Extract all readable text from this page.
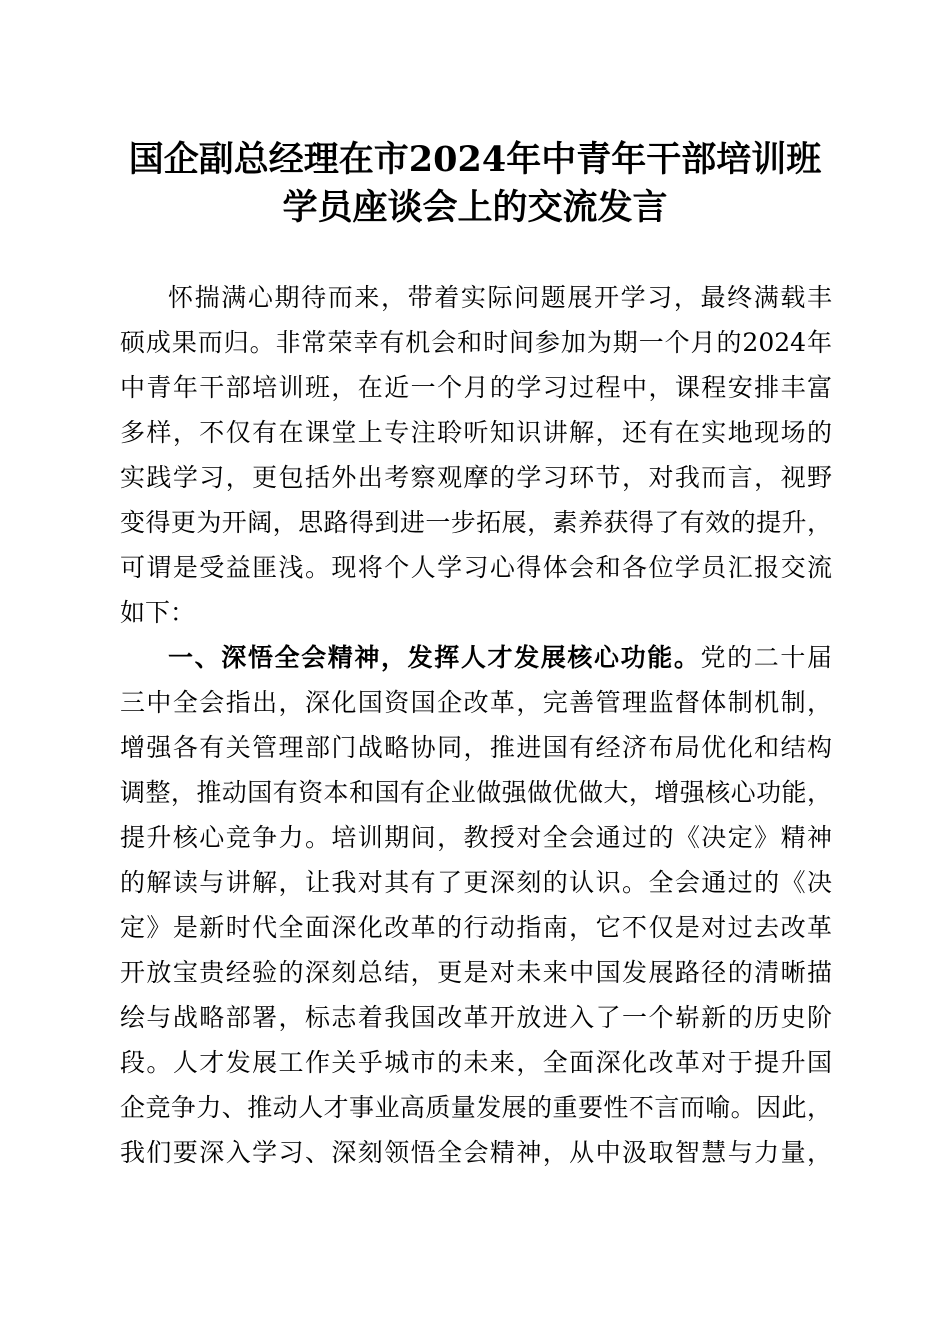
国企副总经理在市2024年中青年干部培训班
学员座谈会上的交流发言
怀揣满心期待而来，带着实际问题展开学习，最终满载丰
硕成果而归。非常荣幸有机会和时间参加为期一个月的2024年
中青年干部培训班，在近一个月的学习过程中，课程安排丰富
多样，不仅有在课堂上专注聆听知识讲解，还有在实地现场的
实践学习，更包括外出考察观摩的学习环节，对我而言，视野
变得更为开阔，思路得到进一步拓展，素养获得了有效的提升，
可谓是受益匪浅。现将个人学习心得体会和各位学员汇报交流
如下：
一、深悟全会精神，发挥人才发展核心功能。党的二十届
三中全会指出，深化国资国企改革，完善管理监督体制机制，
增强各有关管理部门战略协同，推进国有经济布局优化和结构
调整，推动国有资本和国有企业做强做优做大，增强核心功能，
提升核心竞争力。培训期间，教授对全会通过的《决定》精神
的解读与讲解，让我对其有了更深刻的认识。全会通过的《决
定》是新时代全面深化改革的行动指南，它不仅是对过去改革
开放宝贵经验的深刻总结，更是对未来中国发展路径的清晰描
绘与战略部署，标志着我国改革开放进入了一个崭新的历史阶
段。人才发展工作关乎城市的未来，全面深化改革对于提升国
企竞争力、推动人才事业高质量发展的重要性不言而喻。因此，
我们要深入学习、深刻领悟全会精神，从中汲取智慧与力量，
